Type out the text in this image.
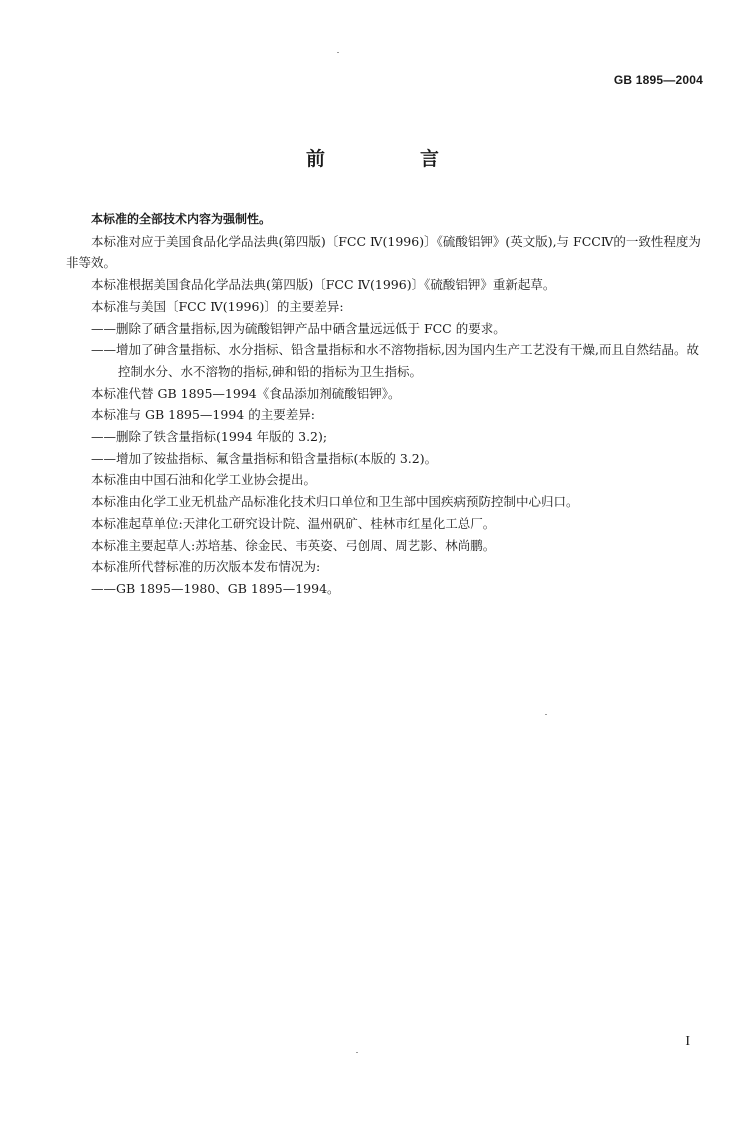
GB 1895—2004
前　言

本标准的全部技术内容为强制性。

本标准对应于美国食品化学品法典(第四版)〔FCC Ⅳ(1996)〕《硫酸铝钾》(英文版),与 FCCⅣ的一致性程度为非等效。

本标准根据美国食品化学品法典(第四版)〔FCC Ⅳ(1996)〕《硫酸铝钾》重新起草。

本标准与美国〔FCC Ⅳ(1996)〕的主要差异:

——删除了硒含量指标,因为硫酸铝钾产品中硒含量远远低于 FCC 的要求。

——增加了砷含量指标、水分指标、铅含量指标和水不溶物指标,因为国内生产工艺没有干燥,而且自然结晶。故控制水分、水不溶物的指标,砷和铅的指标为卫生指标。

本标准代替 GB 1895—1994《食品添加剂硫酸铝钾》。

本标准与 GB 1895—1994 的主要差异:

——删除了铁含量指标(1994 年版的 3.2);

——增加了铵盐指标、氟含量指标和铅含量指标(本版的 3.2)。

本标准由中国石油和化学工业协会提出。

本标准由化学工业无机盐产品标准化技术归口单位和卫生部中国疾病预防控制中心归口。

本标准起草单位:天津化工研究设计院、温州矾矿、桂林市红星化工总厂。

本标准主要起草人:苏培基、徐金民、韦英姿、弓创周、周艺影、林尚鹏。

本标准所代替标准的历次版本发布情况为:

——GB 1895—1980、GB 1895—1994。

I
